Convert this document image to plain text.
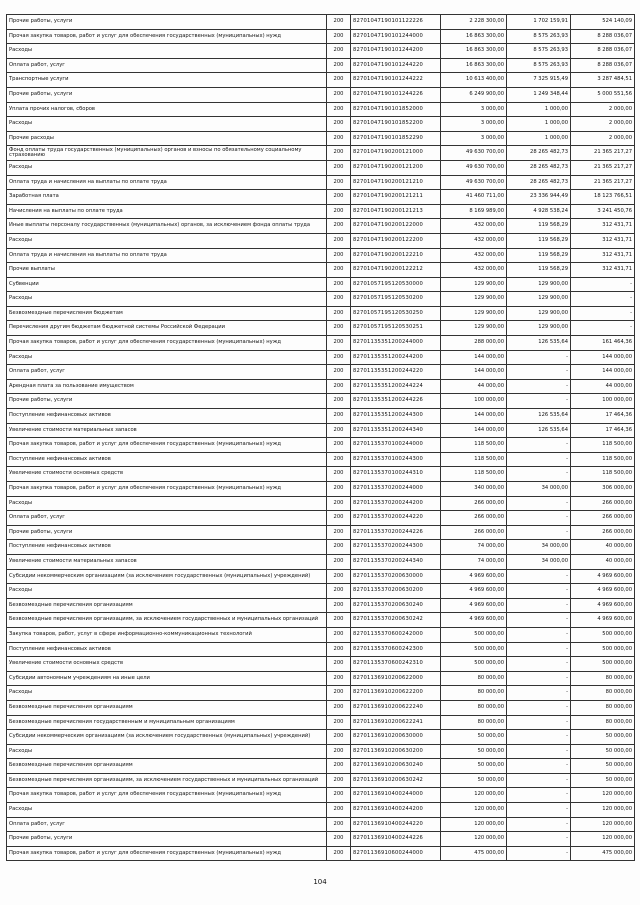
Прочие работы, услуги	200	82701047190101122226	2 228 300,00	1 702 159,91	524 140,09
Прочая закупка товаров, работ и услуг для обеспечения государственных (муниципальных) нужд	200	82701047190101244000	16 863 300,00	8 575 263,93	8 288 036,07
Расходы	200	82701047190101244200	16 863 300,00	8 575 263,93	8 288 036,07
Оплата работ, услуг	200	82701047190101244220	16 863 300,00	8 575 263,93	8 288 036,07
Транспортные услуги	200	82701047190101244222	10 613 400,00	7 325 915,49	3 287 484,51
Прочие работы, услуги	200	82701047190101244226	6 249 900,00	1 249 348,44	5 000 551,56
Уплата прочих налогов, сборов	200	82701047190101852000	3 000,00	1 000,00	2 000,00
Расходы	200	82701047190101852200	3 000,00	1 000,00	2 000,00
Прочие расходы	200	82701047190101852290	3 000,00	1 000,00	2 000,00
Фонд оплаты труда государственных (муниципальных) органов и взносы по обязательному социальному страхованию	200	82701047190200121000	49 630 700,00	28 265 482,73	21 365 217,27
Расходы	200	82701047190200121200	49 630 700,00	28 265 482,73	21 365 217,27
Оплата труда и начисления на выплаты по оплате труда	200	82701047190200121210	49 630 700,00	28 265 482,73	21 365 217,27
Заработная плата	200	82701047190200121211	41 460 711,00	23 336 944,49	18 123 766,51
Начисления на выплаты по оплате труда	200	82701047190200121213	8 169 989,00	4 928 538,24	3 241 450,76
Иные выплаты персоналу государственных (муниципальных) органов, за исключением фонда оплаты труда	200	82701047190200122000	432 000,00	119 568,29	312 431,71
Расходы	200	82701047190200122200	432 000,00	119 568,29	312 431,71
Оплата труда и начисления на выплаты по оплате труда	200	82701047190200122210	432 000,00	119 568,29	312 431,71
Прочие выплаты	200	82701047190200122212	432 000,00	119 568,29	312 431,71
Субвенции	200	82701057195120530000	129 900,00	129 900,00	-
Расходы	200	82701057195120530200	129 900,00	129 900,00	-
Безвозмездные перечисления бюджетам	200	82701057195120530250	129 900,00	129 900,00	-
Перечисления другим бюджетам бюджетной системы Российской Федерации	200	82701057195120530251	129 900,00	129 900,00	-
Прочая закупка товаров, работ и услуг для обеспечения государственных (муниципальных) нужд	200	82701135351200244000	288 000,00	126 535,64	161 464,36
Расходы	200	82701135351200244200	144 000,00	-	144 000,00
Оплата работ, услуг	200	82701135351200244220	144 000,00	-	144 000,00
Арендная плата за пользование имуществом	200	82701135351200244224	44 000,00	-	44 000,00
Прочие работы, услуги	200	82701135351200244226	100 000,00	-	100 000,00
Поступление нефинансовых активов	200	82701135351200244300	144 000,00	126 535,64	17 464,36
Увеличение стоимости материальных запасов	200	82701135351200244340	144 000,00	126 535,64	17 464,36
Прочая закупка товаров, работ и услуг для обеспечения государственных (муниципальных) нужд	200	82701135370100244000	118 500,00	-	118 500,00
Поступление нефинансовых активов	200	82701135370100244300	118 500,00	-	118 500,00
Увеличение стоимости основных средств	200	82701135370100244310	118 500,00	-	118 500,00
Прочая закупка товаров, работ и услуг для обеспечения государственных (муниципальных) нужд	200	82701135370200244000	340 000,00	34 000,00	306 000,00
Расходы	200	82701135370200244200	266 000,00	-	266 000,00
Оплата работ, услуг	200	82701135370200244220	266 000,00	-	266 000,00
Прочие работы, услуги	200	82701135370200244226	266 000,00	-	266 000,00
Поступление нефинансовых активов	200	82701135370200244300	74 000,00	34 000,00	40 000,00
Увеличение стоимости материальных запасов	200	82701135370200244340	74 000,00	34 000,00	40 000,00
Субсидии некоммерческим организациям (за исключением государственных (муниципальных) учреждений)	200	82701135370200630000	4 969 600,00	-	4 969 600,00
Расходы	200	82701135370200630200	4 969 600,00	-	4 969 600,00
Безвозмездные перечисления организациям	200	82701135370200630240	4 969 600,00	-	4 969 600,00
Безвозмездные перечисления организациям, за исключением государственных и муниципальных организаций	200	82701135370200630242	4 969 600,00	-	4 969 600,00
Закупка товаров, работ, услуг в сфере информационно-коммуникационных технологий	200	82701135370600242000	500 000,00	-	500 000,00
Поступление нефинансовых активов	200	82701135370600242300	500 000,00	-	500 000,00
Увеличение стоимости основных средств	200	82701135370600242310	500 000,00	-	500 000,00
Субсидии автономным учреждениям на иные цели	200	82701136910200622000	80 000,00	-	80 000,00
Расходы	200	82701136910200622200	80 000,00	-	80 000,00
Безвозмездные перечисления организациям	200	82701136910200622240	80 000,00	-	80 000,00
Безвозмездные перечисления государственным и муниципальным организациям	200	82701136910200622241	80 000,00	-	80 000,00
Субсидии некоммерческим организациям (за исключением государственных (муниципальных) учреждений)	200	82701136910200630000	50 000,00	-	50 000,00
Расходы	200	82701136910200630200	50 000,00	-	50 000,00
Безвозмездные перечисления организациям	200	82701136910200630240	50 000,00	-	50 000,00
Безвозмездные перечисления организациям, за исключением государственных и муниципальных организаций	200	82701136910200630242	50 000,00	-	50 000,00
Прочая закупка товаров, работ и услуг для обеспечения государственных (муниципальных) нужд	200	82701136910400244000	120 000,00	-	120 000,00
Расходы	200	82701136910400244200	120 000,00	-	120 000,00
Оплата работ, услуг	200	82701136910400244220	120 000,00	-	120 000,00
Прочие работы, услуги	200	82701136910400244226	120 000,00	-	120 000,00
Прочая закупка товаров, работ и услуг для обеспечения государственных (муниципальных) нужд	200	82701136910600244000	475 000,00	-	475 000,00
104
